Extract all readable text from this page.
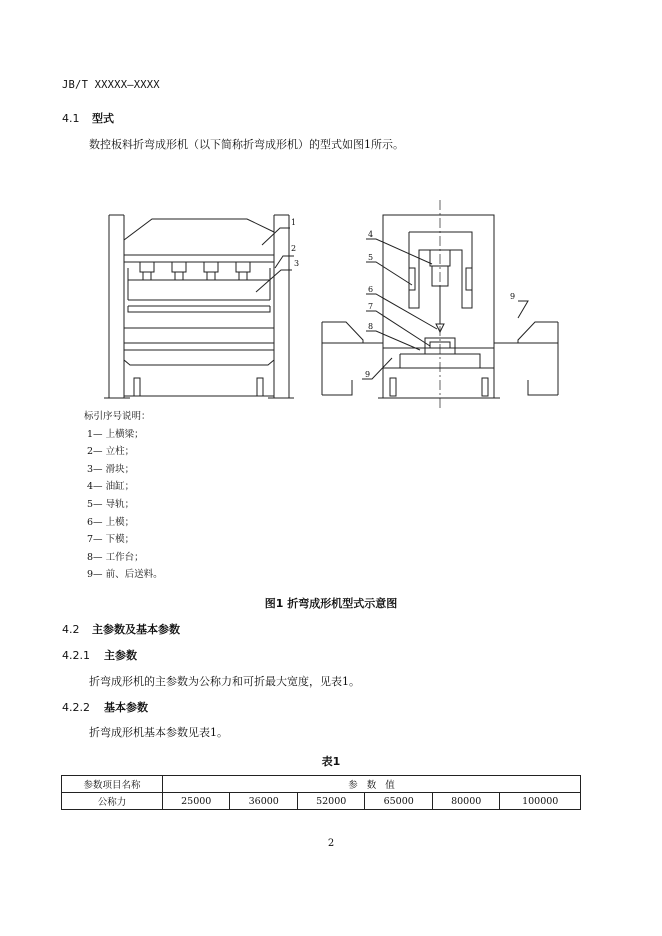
JB/T XXXXX—XXXX
4.1 型式
数控板料折弯成形机（以下简称折弯成形机）的型式如图1所示。
1
2
3
4
5
6
7
8
9
9
标引序号说明：
1— 上横梁；
2— 立柱；
3— 滑块；
4— 油缸；
5— 导轨；
6— 上模；
7— 下模；
8— 工作台；
9— 前、后送料。
图1 折弯成形机型式示意图
4.2 主参数及基本参数
4.2.1 主参数
折弯成形机的主参数为公称力和可折最大宽度，见表1。
4.2.2 基本参数
折弯成形机基本参数见表1。
表1
参数项目名称	参   数   值					
公称力	25000	36000	52000	65000	80000	100000
2
